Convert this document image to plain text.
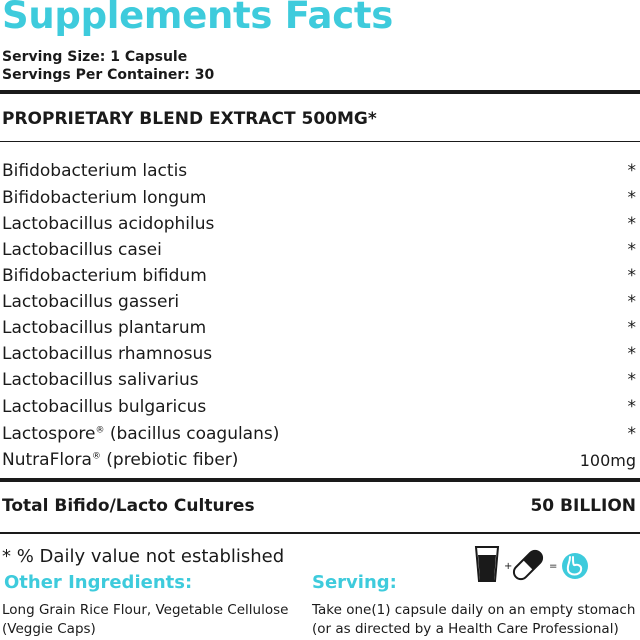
Supplements Facts
Serving Size: 1 Capsule
Servings Per Container: 30
PROPRIETARY BLEND EXTRACT 500MG*
Bifidobacterium lactis	*
Bifidobacterium longum	*
Lactobacillus acidophilus	*
Lactobacillus casei	*
Bifidobacterium bifidum	*
Lactobacillus gasseri	*
Lactobacillus plantarum	*
Lactobacillus rhamnosus	*
Lactobacillus salivarius	*
Lactobacillus bulgaricus	*
Lactospore® (bacillus coagulans)	*
NutraFlora® (prebiotic fiber)	100mg
Total Bifido/Lacto Cultures	50 BILLION
* % Daily value not established
Other Ingredients:
Long Grain Rice Flour, Vegetable Cellulose
(Veggie Caps)
Serving:
Take one(1) capsule daily on an empty stomach
(or as directed by a Health Care Professional)
+	=
